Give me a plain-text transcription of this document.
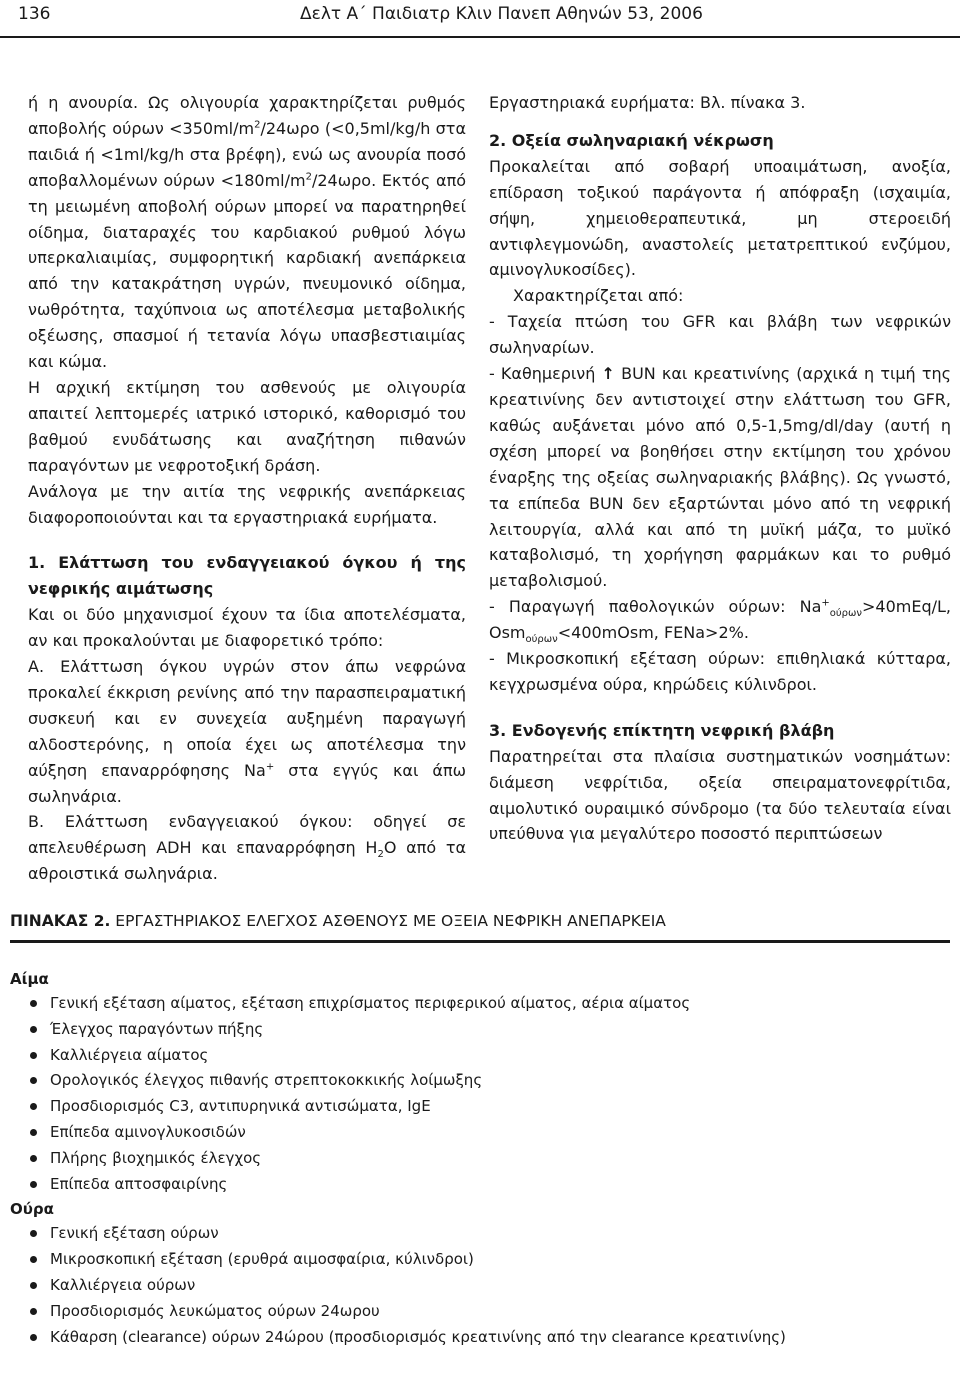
136	Δελτ Α΄ Παιδιατρ Κλιν Πανεπ Αθηνών 53, 2006

ή η ανουρία. Ως ολιγουρία χαρακτηρίζεται ρυθμός αποβολής $oύ\rho\omega\nu <350ml/m^2/24\omega\rho o$ (<0,5ml/kg/h στα παιδιά ή <1ml/kg/h στα βρέφη), ενώ ως ανουρία ποσό αποβαλλομένων $oύ\rho\omega\nu <180ml/m^2/24\omega\rho o$. Εκτός από τη μειωμένη αποβολή ούρων μπορεί να παρατηρηθεί οίδημα, διαταραχές του καρδιακού ρυθμού λόγω υπερκαλιαιμίας, συμφορητική καρδιακή ανεπάρκεια από την κατακράτηση υγρών, πνευμονικό οίδημα, νωθρότητα, ταχύπνοια ως αποτέλεσμα μεταβολικής οξέωσης, σπασμοί ή τετανία λόγω υπασβεστιαιμίας και κώμα.

Η αρχική εκτίμηση του ασθενούς με ολιγουρία απαιτεί λεπτομερές ιατρικό ιστορικό, καθορισμό του βαθμού ενυδάτωσης και αναζήτηση πιθανών παραγόντων με νεφροτοξική δράση.

Ανάλογα με την αιτία της νεφρικής ανεπάρκειας διαφοροποιούνται και τα εργαστηριακά ευρήματα.

1. Ελάττωση του ενδαγγειακού όγκου ή της νεφρικής αιμάτωσης

Και οι δύο μηχανισμοί έχουν τα ίδια αποτελέσματα, αν και προκαλούνται με διαφορετικό τρόπο:

Α. Ελάττωση όγκου υγρών στον άπω νεφρώνα προκαλεί έκκριση ρενίνης από την παρασπειραματική συσκευή και εν συνεχεία αυξημένη παραγωγή αλδοστερόνης, η οποία έχει ως αποτέλεσμα την αύξηση επαναρρόφησης Na+ στα εγγύς και άπω σωληνάρια.

Β. Ελάττωση ενδαγγειακού όγκου: οδηγεί σε απελευθέρωση ADH και επαναρρόφηση $H_2O$ από τα αθροιστικά σωληνάρια.

Εργαστηριακά ευρήματα: Βλ. πίνακα 3.

2. Οξεία σωληναριακή νέκρωση

Προκαλείται από σοβαρή υποαιμάτωση, ανοξία, επίδραση τοξικού παράγοντα ή απόφραξη (ισχαιμία, σήψη, χημειοθεραπευτικά, μη στεροειδή αντιφλεγμονώδη, αναστολείς μετατρεπτικού ενζύμου, αμινογλυκοσίδες).

Χαρακτηρίζεται από:

- Ταχεία πτώση του GFR και βλάβη των νεφρικών σωληναρίων.

- Καθημερινή ↑ BUN και κρεατινίνης (αρχικά η τιμή της κρεατινίνης δεν αντιστοιχεί στην ελάττωση του GFR, καθώς αυξάνεται μόνο από 0,5-1,5mg/dl/day (αυτή η σχέση μπορεί να βοηθήσει στην εκτίμηση του χρόνου έναρξης της οξείας σωληναριακής βλάβης). Ως γνωστό, τα επίπεδα BUN δεν εξαρτώνται μόνο από τη νεφρική λειτουργία, αλλά και από τη μυϊκή μάζα, το μυϊκό καταβολισμό, τη χορήγηση φαρμάκων και το ρυθμό μεταβολισμού.

- Παραγωγή παθολογικών ούρων: $Na^+_{oύ\rho\omega\nu}>40mEq/L$, Osm$_{oύ\rho\omega\nu}$<400mOsm, FENa>2%.

- Μικροσκοπική εξέταση ούρων: επιθηλιακά κύτταρα, κεγχρωσμένα ούρα, κηρώδεις κύλινδροι.

3. Ενδογενής επίκτητη νεφρική βλάβη

Παρατηρείται στα πλαίσια συστηματικών νοσημάτων: διάμεση νεφρίτιδα, οξεία σπειραματονεφρίτιδα, αιμολυτικό ουραιμικό σύνδρομο (τα δύο τελευταία είναι υπεύθυνα για μεγαλύτερο ποσοστό περιπτώσεων

ΠΙΝΑΚΑΣ 2. ΕΡΓΑΣΤΗΡΙΑΚΟΣ ΕΛΕΓΧΟΣ ΑΣΘΕΝΟΥΣ ΜΕ ΟΞΕΙΑ ΝΕΦΡΙΚΗ ΑΝΕΠΑΡΚΕΙΑ
Αίμα
Γενική εξέταση αίματος, εξέταση επιχρίσματος περιφερικού αίματος, αέρια αίματος
Έλεγχος παραγόντων πήξης
Καλλιέργεια αίματος
Ορολογικός έλεγχος πιθανής στρεπτοκοκκικής λοίμωξης
Προσδιορισμός C3, αντιπυρηνικά αντισώματα, IgE
Επίπεδα αμινογλυκοσιδών
Πλήρης βιοχημικός έλεγχος
Επίπεδα απτοσφαιρίνης
Ούρα
Γενική εξέταση ούρων
Μικροσκοπική εξέταση (ερυθρά αιμοσφαίρια, κύλινδροι)
Καλλιέργεια ούρων
Προσδιορισμός λευκώματος ούρων 24ωρου
Κάθαρση (clearance) ούρων 24ώρου (προσδιορισμός κρεατινίνης από την clearance κρεατινίνης)
